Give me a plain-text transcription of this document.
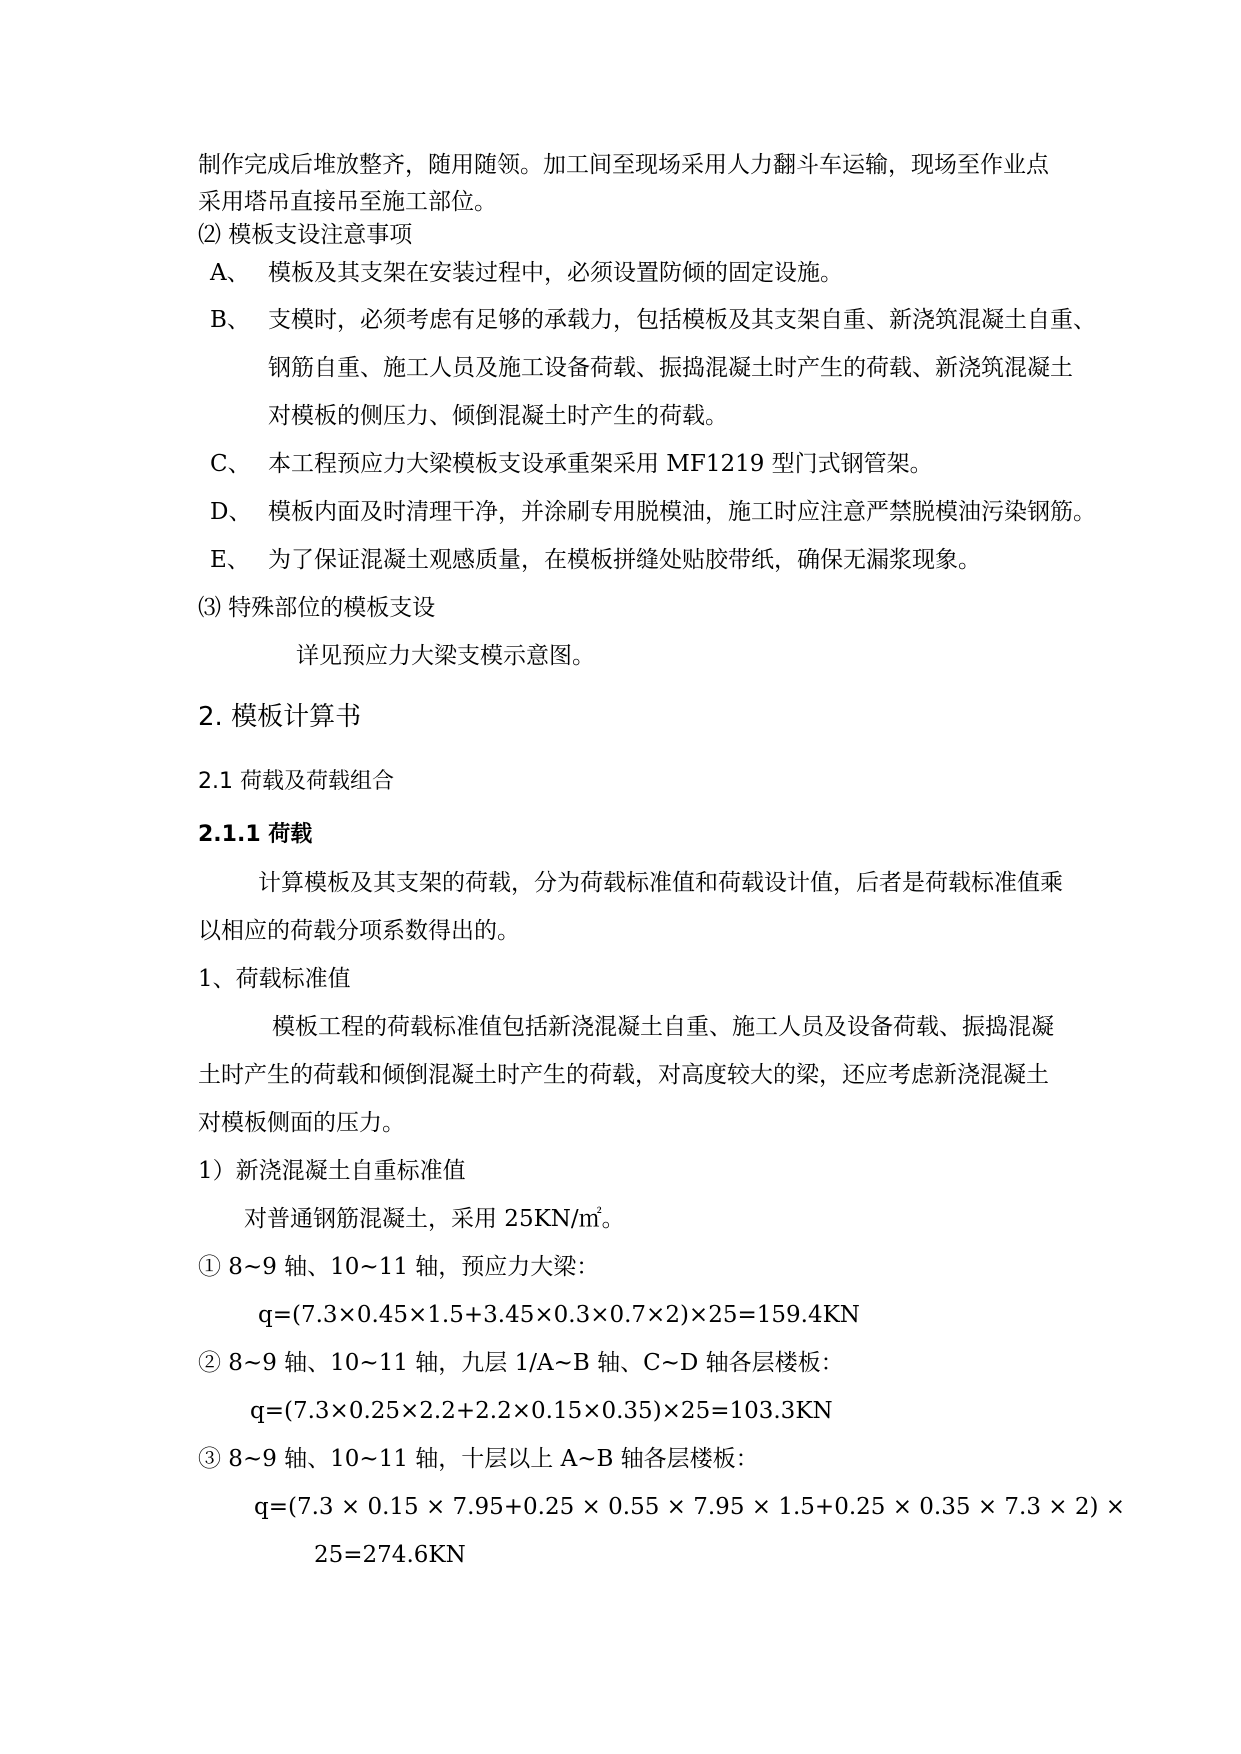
制作完成后堆放整齐，随用随领。加工间至现场采用人力翻斗车运输，现场至作业点
采用塔吊直接吊至施工部位。
⑵ 模板支设注意事项
A、 模板及其支架在安装过程中，必须设置防倾的固定设施。
B、 支模时，必须考虑有足够的承载力，包括模板及其支架自重、新浇筑混凝土自重、
钢筋自重、施工人员及施工设备荷载、振捣混凝土时产生的荷载、新浇筑混凝土
对模板的侧压力、倾倒混凝土时产生的荷载。
C、 本工程预应力大梁模板支设承重架采用 MF1219 型门式钢管架。
D、 模板内面及时清理干净，并涂刷专用脱模油，施工时应注意严禁脱模油污染钢筋。
E、 为了保证混凝土观感质量，在模板拼缝处贴胶带纸，确保无漏浆现象。
⑶ 特殊部位的模板支设
详见预应力大梁支模示意图。
2. 模板计算书
2.1 荷载及荷载组合
2.1.1 荷载
计算模板及其支架的荷载，分为荷载标准值和荷载设计值，后者是荷载标准值乘
以相应的荷载分项系数得出的。
1、荷载标准值
模板工程的荷载标准值包括新浇混凝土自重、施工人员及设备荷载、振捣混凝
土时产生的荷载和倾倒混凝土时产生的荷载，对高度较大的梁，还应考虑新浇混凝土
对模板侧面的压力。
1）新浇混凝土自重标准值
对普通钢筋混凝土，采用 25KN/㎡。
① 8~9 轴、10~11 轴，预应力大梁：
q=(7.3×0.45×1.5+3.45×0.3×0.7×2)×25=159.4KN
② 8~9 轴、10~11 轴，九层 1/A~B 轴、C~D 轴各层楼板：
q=(7.3×0.25×2.2+2.2×0.15×0.35)×25=103.3KN
③ 8~9 轴、10~11 轴，十层以上 A~B 轴各层楼板：
q=(7.3 × 0.15 × 7.95+0.25 × 0.55 × 7.95 × 1.5+0.25 × 0.35 × 7.3 × 2) ×
25=274.6KN
